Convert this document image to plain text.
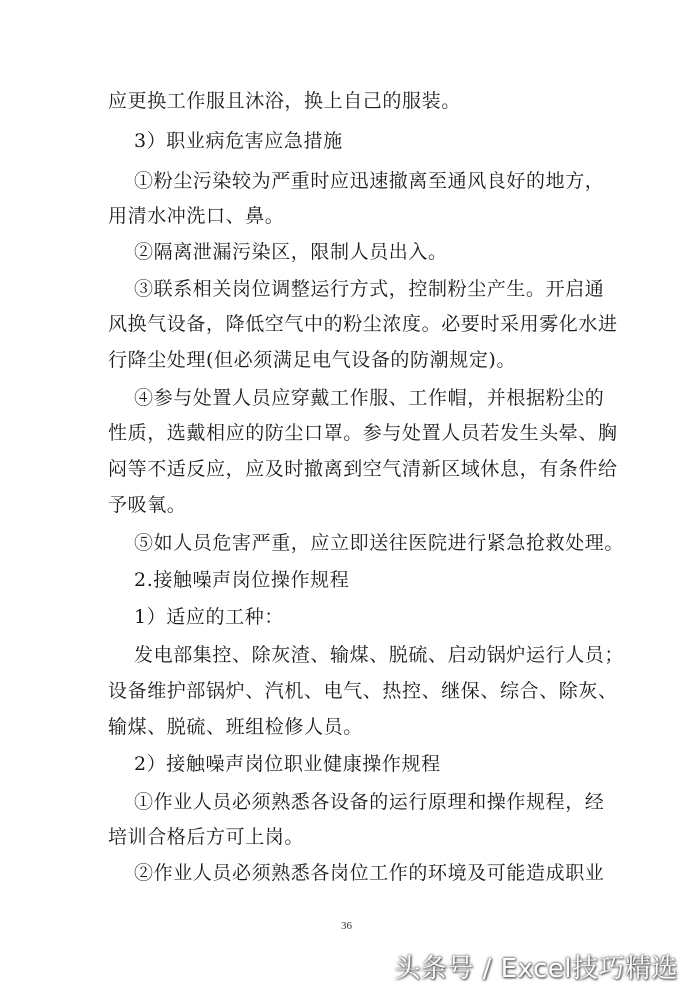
应更换工作服且沐浴，换上自己的服装。
3）职业病危害应急措施
①粉尘污染较为严重时应迅速撤离至通风良好的地方，
用清水冲洗口、鼻。
②隔离泄漏污染区，限制人员出入。
③联系相关岗位调整运行方式，控制粉尘产生。开启通
风换气设备，降低空气中的粉尘浓度。必要时采用雾化水进
行降尘处理(但必须满足电气设备的防潮规定)。
④参与处置人员应穿戴工作服、工作帽，并根据粉尘的
性质，选戴相应的防尘口罩。参与处置人员若发生头晕、胸
闷等不适反应，应及时撤离到空气清新区域休息，有条件给
予吸氧。
⑤如人员危害严重，应立即送往医院进行紧急抢救处理。
2.接触噪声岗位操作规程
1）适应的工种：
发电部集控、除灰渣、输煤、脱硫、启动锅炉运行人员；
设备维护部锅炉、汽机、电气、热控、继保、综合、除灰、
输煤、脱硫、班组检修人员。
2）接触噪声岗位职业健康操作规程
①作业人员必须熟悉各设备的运行原理和操作规程，经
培训合格后方可上岗。
②作业人员必须熟悉各岗位工作的环境及可能造成职业
36
头条号 / Excel技巧精选
